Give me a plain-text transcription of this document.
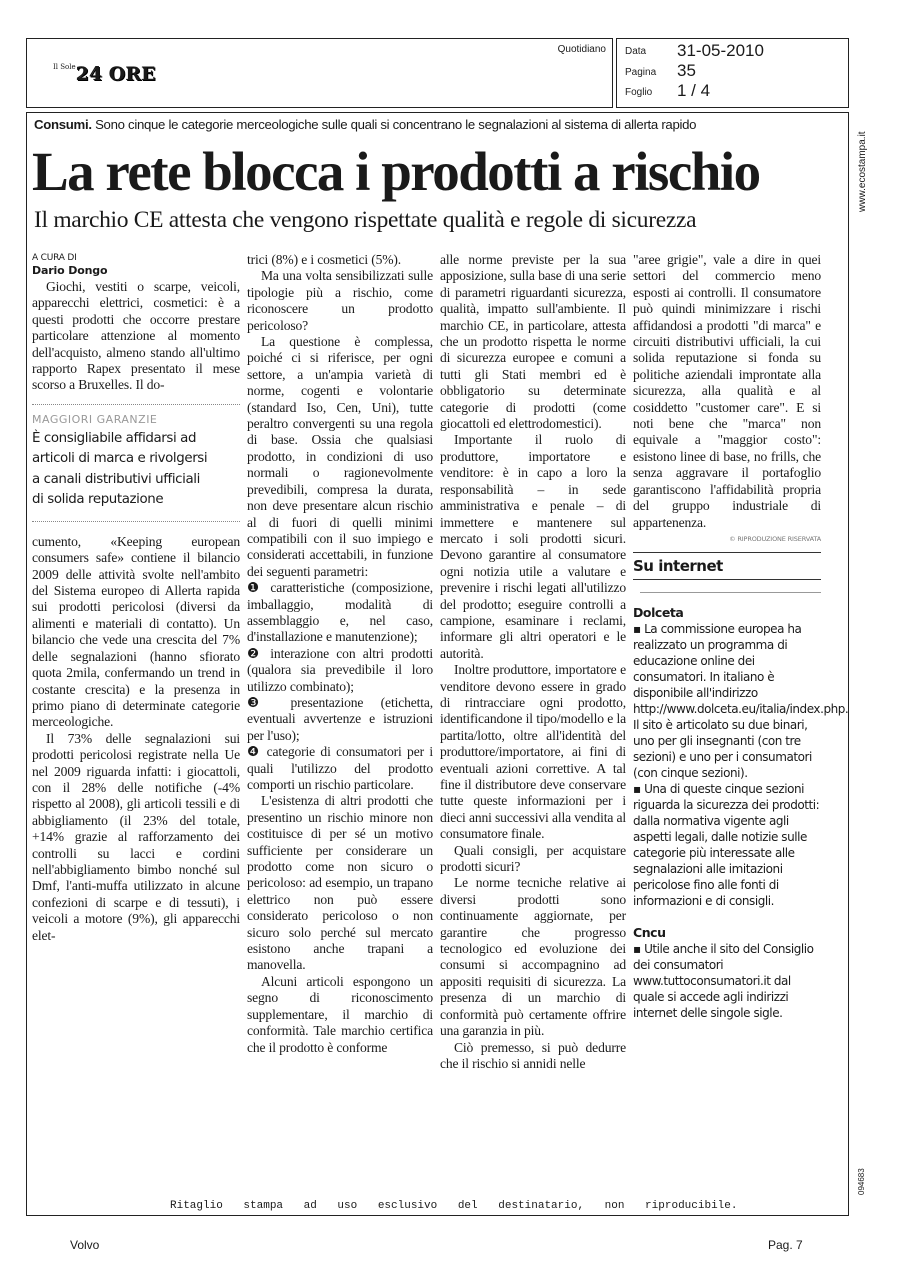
$^{Il Sole}$24 ORE
Quotidiano Data 31-05-2010
Pagina 35
Foglio 1 / 4
Consumi. Sono cinque le categorie merceologiche sulle quali si concentrano le segnalazioni al sistema di allerta rapido
La rete blocca i prodotti a rischio
Il marchio CE attesta che vengono rispettate qualità e regole di sicurezza
A CURA DI
Dario Dongo

Giochi, vestiti o scarpe, veicoli, apparecchi elettrici, cosmetici: è a questi prodotti che occorre prestare particolare attenzione al momento dell'acquisto, almeno stando all'ultimo rapporto Rapex presentato il mese scorso a Bruxelles. Il do-

MAGGIORI GARANZIE
È consigliabile affidarsi ad articoli di marca e rivolgersi a canali distributivi ufficiali di solida reputazione

cumento, «Keeping european consumers safe» contiene il bilancio 2009 delle attività svolte nell'ambito del Sistema europeo di Allerta rapida sui prodotti pericolosi (diversi da alimenti e materiali di contatto). Un bilancio che vede una crescita del 7% delle segnalazioni (hanno sfiorato quota 2mila, confermando un trend in costante crescita) e la presenza in primo piano di determinate categorie merceologiche.

Il 73% delle segnalazioni sui prodotti pericolosi registrate nella Ue nel 2009 riguarda infatti: i giocattoli, con il 28% delle notifiche (-4% rispetto al 2008), gli articoli tessili e di abbigliamento (il 23% del totale, +14% grazie al rafforzamento dei controlli su lacci e cordini nell'abbigliamento bimbo nonché sul Dmf, l'anti-muffa utilizzato in alcune confezioni di scarpe e di tessuti), i veicoli a motore (9%), gli apparecchi elet-

trici (8%) e i cosmetici (5%).

Ma una volta sensibilizzati sulle tipologie più a rischio, come riconoscere un prodotto pericoloso?

La questione è complessa, poiché ci si riferisce, per ogni settore, a un'ampia varietà di norme, cogenti e volontarie (standard Iso, Cen, Uni), tutte peraltro convergenti su una regola di base. Ossia che qualsiasi prodotto, in condizioni di uso normali o ragionevolmente prevedibili, compresa la durata, non deve presentare alcun rischio al di fuori di quelli minimi compatibili con il suo impiego e considerati accettabili, in funzione dei seguenti parametri:

❶ caratteristiche (composizione, imballaggio, modalità di assemblaggio e, nel caso, d'installazione e manutenzione);

❷ interazione con altri prodotti (qualora sia prevedibile il loro utilizzo combinato);

❸ presentazione (etichetta, eventuali avvertenze e istruzioni per l'uso);

❹ categorie di consumatori per i quali l'utilizzo del prodotto comporti un rischio particolare.

L'esistenza di altri prodotti che presentino un rischio minore non costituisce di per sé un motivo sufficiente per considerare un prodotto come non sicuro o pericoloso: ad esempio, un trapano elettrico non può essere considerato pericoloso o non sicuro solo perché sul mercato esistono anche trapani a manovella.

Alcuni articoli espongono un segno di riconoscimento supplementare, il marchio di conformità. Tale marchio certifica che il prodotto è conforme

alle norme previste per la sua apposizione, sulla base di una serie di parametri riguardanti sicurezza, qualità, impatto sull'ambiente. Il marchio CE, in particolare, attesta che un prodotto rispetta le norme di sicurezza europee e comuni a tutti gli Stati membri ed è obbligatorio su determinate categorie di prodotti (come giocattoli ed elettrodomestici).

Importante il ruolo di produttore, importatore e venditore: è in capo a loro la responsabilità – in sede amministrativa e penale – di immettere e mantenere sul mercato i soli prodotti sicuri. Devono garantire al consumatore ogni notizia utile a valutare e prevenire i rischi legati all'utilizzo del prodotto; eseguire controlli a campione, esaminare i reclami, informare gli altri operatori e le autorità.

Inoltre produttore, importatore e venditore devono essere in grado di rintracciare ogni prodotto, identificandone il tipo/modello e la partita/lotto, oltre all'identità del produttore/importatore, ai fini di eventuali azioni correttive. A tal fine il distributore deve conservare tutte queste informazioni per i dieci anni successivi alla vendita al consumatore finale.

Quali consigli, per acquistare prodotti sicuri?

Le norme tecniche relative ai diversi prodotti sono continuamente aggiornate, per garantire che progresso tecnologico ed evoluzione dei consumi si accompagnino ad appositi requisiti di sicurezza. La presenza di un marchio di conformità può certamente offrire una garanzia in più.

Ciò premesso, si può dedurre che il rischio si annidi nelle

"aree grigie", vale a dire in quei settori del commercio meno esposti ai controlli. Il consumatore può quindi minimizzare i rischi affidandosi a prodotti "di marca" e circuiti distributivi ufficiali, la cui solida reputazione si fonda su politiche aziendali improntate alla sicurezza, alla qualità e al cosiddetto "customer care". E si noti bene che "marca" non equivale a "maggior costo": esistono linee di base, no frills, che senza aggravare il portafoglio garantiscono l'affidabilità propria del gruppo industriale di appartenenza.

© RIPRODUZIONE RISERVATA
Su internet
Dolceta
▪ La commissione europea ha realizzato un programma di educazione online dei consumatori. In italiano è disponibile all'indirizzo http://www.dolceta.eu/italia/index.php. Il sito è articolato su due binari, uno per gli insegnanti (con tre sezioni) e uno per i consumatori (con cinque sezioni).
▪ Una di queste cinque sezioni riguarda la sicurezza dei prodotti: dalla normativa vigente agli aspetti legali, dalle notizie sulle categorie più interessate alle segnalazioni alle imitazioni pericolose fino alle fonti di informazioni e di consigli.
Cncu
▪ Utile anche il sito del Consiglio dei consumatori www.tuttoconsumatori.it dal quale si accede agli indirizzi internet delle singole sigle.
Ritaglio stampa ad uso esclusivo del destinatario, non riproducibile.
Volvo	Pag. 7
www.ecostampa.it
094683
